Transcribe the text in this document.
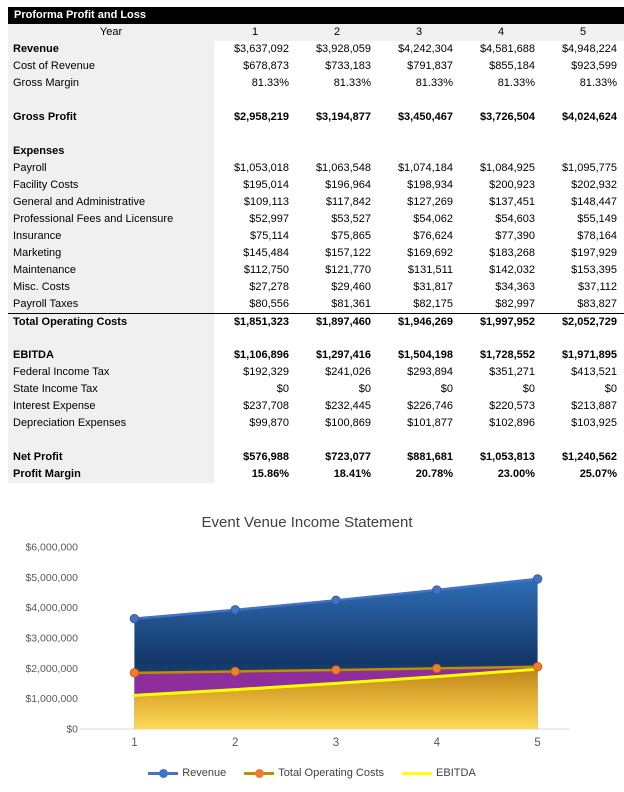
Proforma Profit and Loss
Year	1	2	3	4	5
Revenue	$3,637,092	$3,928,059	$4,242,304	$4,581,688	$4,948,224
Cost of Revenue	$678,873	$733,183	$791,837	$855,184	$923,599
Gross Margin	81.33%	81.33%	81.33%	81.33%	81.33%
Gross Profit	$2,958,219	$3,194,877	$3,450,467	$3,726,504	$4,024,624
Expenses
Payroll	$1,053,018	$1,063,548	$1,074,184	$1,084,925	$1,095,775
Facility Costs	$195,014	$196,964	$198,934	$200,923	$202,932
General and Administrative	$109,113	$117,842	$127,269	$137,451	$148,447
Professional Fees and Licensure	$52,997	$53,527	$54,062	$54,603	$55,149
Insurance	$75,114	$75,865	$76,624	$77,390	$78,164
Marketing	$145,484	$157,122	$169,692	$183,268	$197,929
Maintenance	$112,750	$121,770	$131,511	$142,032	$153,395
Misc. Costs	$27,278	$29,460	$31,817	$34,363	$37,112
Payroll Taxes	$80,556	$81,361	$82,175	$82,997	$83,827
Total Operating Costs	$1,851,323	$1,897,460	$1,946,269	$1,997,952	$2,052,729
EBITDA	$1,106,896	$1,297,416	$1,504,198	$1,728,552	$1,971,895
Federal Income Tax	$192,329	$241,026	$293,894	$351,271	$413,521
State Income Tax	$0	$0	$0	$0	$0
Interest Expense	$237,708	$232,445	$226,746	$220,573	$213,887
Depreciation Expenses	$99,870	$100,869	$101,877	$102,896	$103,925
Net Profit	$576,988	$723,077	$881,681	$1,053,813	$1,240,562
Profit Margin	15.86%	18.41%	20.78%	23.00%	25.07%
Event Venue Income Statement
$0
$1,000,000
$2,000,000
$3,000,000
$4,000,000
$5,000,000
$6,000,000
1	2	3	4	5
Revenue	Total Operating Costs	EBITDA
